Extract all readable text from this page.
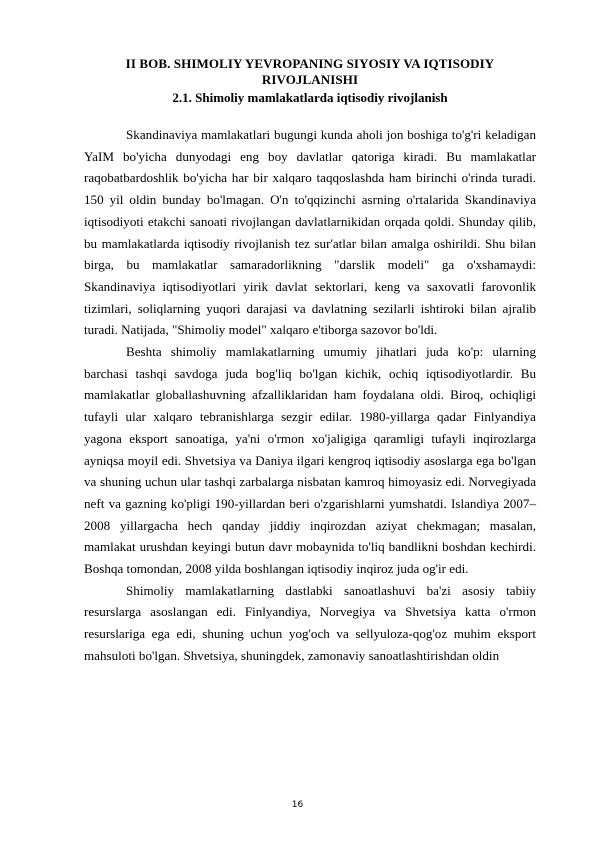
II BOB. SHIMOLIY YEVROPANING SIYOSIY VA IQTISODIY RIVOJLANISHI
2.1. Shimoliy mamlakatlarda iqtisodiy rivojlanish

Skandinaviya mamlakatlari bugungi kunda aholi jon boshiga to'g'ri keladigan YaIM bo'yicha dunyodagi eng boy davlatlar qatoriga kiradi. Bu mamlakatlar raqobatbardoshlik bo'yicha har bir xalqaro taqqoslashda ham birinchi o'rinda turadi. 150 yil oldin bunday bo'lmagan. O'n to'qqizinchi asrning o'rtalarida Skandinaviya iqtisodiyoti etakchi sanoati rivojlangan davlatlarnikidan orqada qoldi. Shunday qilib, bu mamlakatlarda iqtisodiy rivojlanish tez sur'atlar bilan amalga oshirildi. Shu bilan birga, bu mamlakatlar samaradorlikning "darslik modeli" ga o'xshamaydi: Skandinaviya iqtisodiyotlari yirik davlat sektorlari, keng va saxovatli farovonlik tizimlari, soliqlarning yuqori darajasi va davlatning sezilarli ishtiroki bilan ajralib turadi. Natijada, "Shimoliy model" xalqaro e'tiborga sazovor bo'ldi.

Beshta shimoliy mamlakatlarning umumiy jihatlari juda ko'p: ularning barchasi tashqi savdoga juda bog'liq bo'lgan kichik, ochiq iqtisodiyotlardir. Bu mamlakatlar globallashuvning afzalliklaridan ham foydalana oldi. Biroq, ochiqligi tufayli ular xalqaro tebranishlarga sezgir edilar. 1980-yillarga qadar Finlyandiya yagona eksport sanoatiga, ya'ni o'rmon xo'jaligiga qaramligi tufayli inqirozlarga ayniqsa moyil edi. Shvetsiya va Daniya ilgari kengroq iqtisodiy asoslarga ega bo'lgan va shuning uchun ular tashqi zarbalarga nisbatan kamroq himoyasiz edi. Norvegiyada neft va gazning ko'pligi 190-yillardan beri o'zgarishlarni yumshatdi. Islandiya 2007–2008 yillargacha hech qanday jiddiy inqirozdan aziyat chekmagan; masalan, mamlakat urushdan keyingi butun davr mobaynida to'liq bandlikni boshdan kechirdi. Boshqa tomondan, 2008 yilda boshlangan iqtisodiy inqiroz juda og'ir edi.

Shimoliy mamlakatlarning dastlabki sanoatlashuvi ba'zi asosiy tabiiy resurslarga asoslangan edi. Finlyandiya, Norvegiya va Shvetsiya katta o'rmon resurslariga ega edi, shuning uchun yog'och va sellyuloza-qog'oz muhim eksport mahsuloti bo'lgan. Shvetsiya, shuningdek, zamonaviy sanoatlashtirishdan oldin

16
